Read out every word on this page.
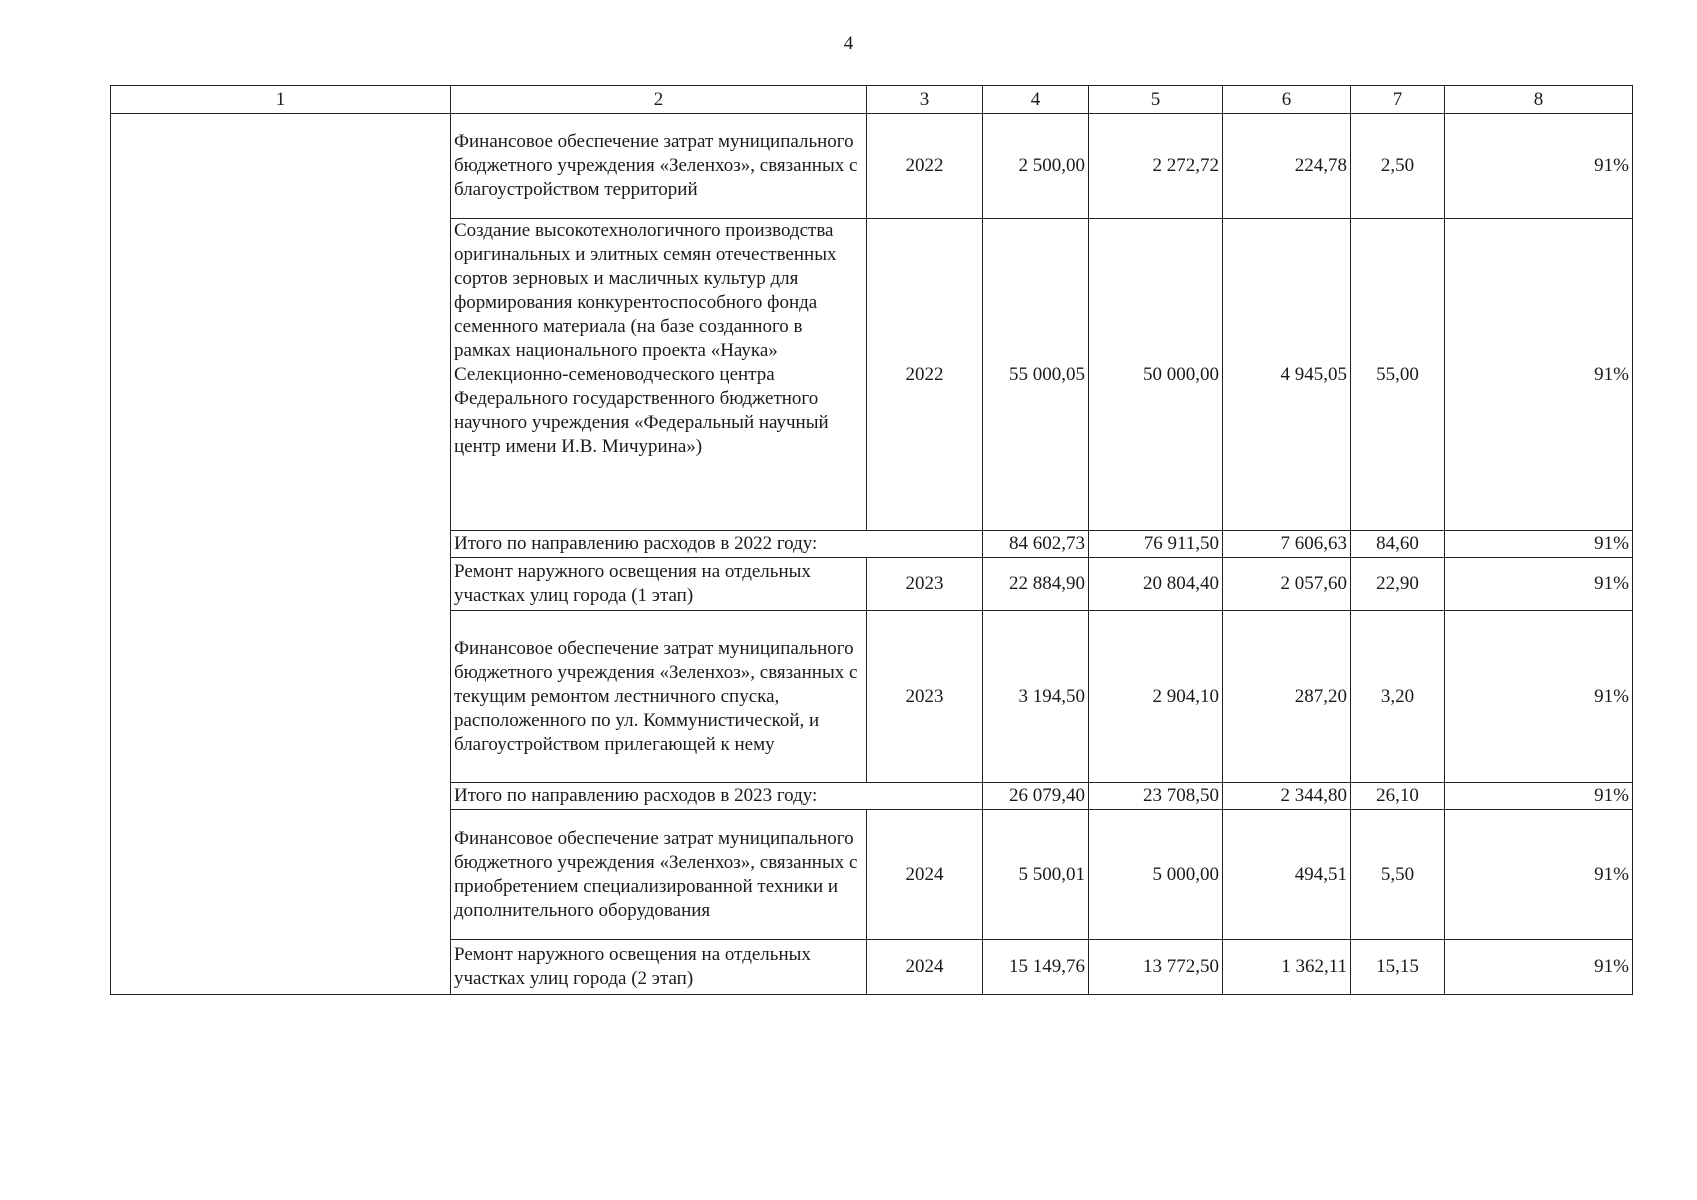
4
1	2	3	4	5	6	7	8
	Финансовое обеспечение затрат муниципального бюджетного учреждения «Зеленхоз», связанных с благоустройством территорий	2022	2 500,00	2 272,72	224,78	2,50	91%
	Создание высокотехнологичного производства оригинальных и элитных семян отечественных сортов зерновых и масличных культур для формирования конкурентоспособного фонда семенного материала (на базе созданного в рамках национального проекта «Наука» Селекционно-семеноводческого центра Федерального государственного бюджетного научного учреждения «Федеральный научный центр имени И.В. Мичурина»)	2022	55 000,05	50 000,00	4 945,05	55,00	91%
	Итого по направлению расходов в 2022 году:		84 602,73	76 911,50	7 606,63	84,60	91%
	Ремонт наружного освещения на отдельных участках улиц города (1 этап)	2023	22 884,90	20 804,40	2 057,60	22,90	91%
	Финансовое обеспечение затрат муниципального бюджетного учреждения «Зеленхоз», связанных с текущим ремонтом лестничного спуска, расположенного по ул. Коммунистической, и благоустройством прилегающей к нему	2023	3 194,50	2 904,10	287,20	3,20	91%
	Итого по направлению расходов в 2023 году:		26 079,40	23 708,50	2 344,80	26,10	91%
	Финансовое обеспечение затрат муниципального бюджетного учреждения «Зеленхоз», связанных с приобретением специализированной техники и дополнительного оборудования	2024	5 500,01	5 000,00	494,51	5,50	91%
	Ремонт наружного освещения на отдельных участках улиц города (2 этап)	2024	15 149,76	13 772,50	1 362,11	15,15	91%
